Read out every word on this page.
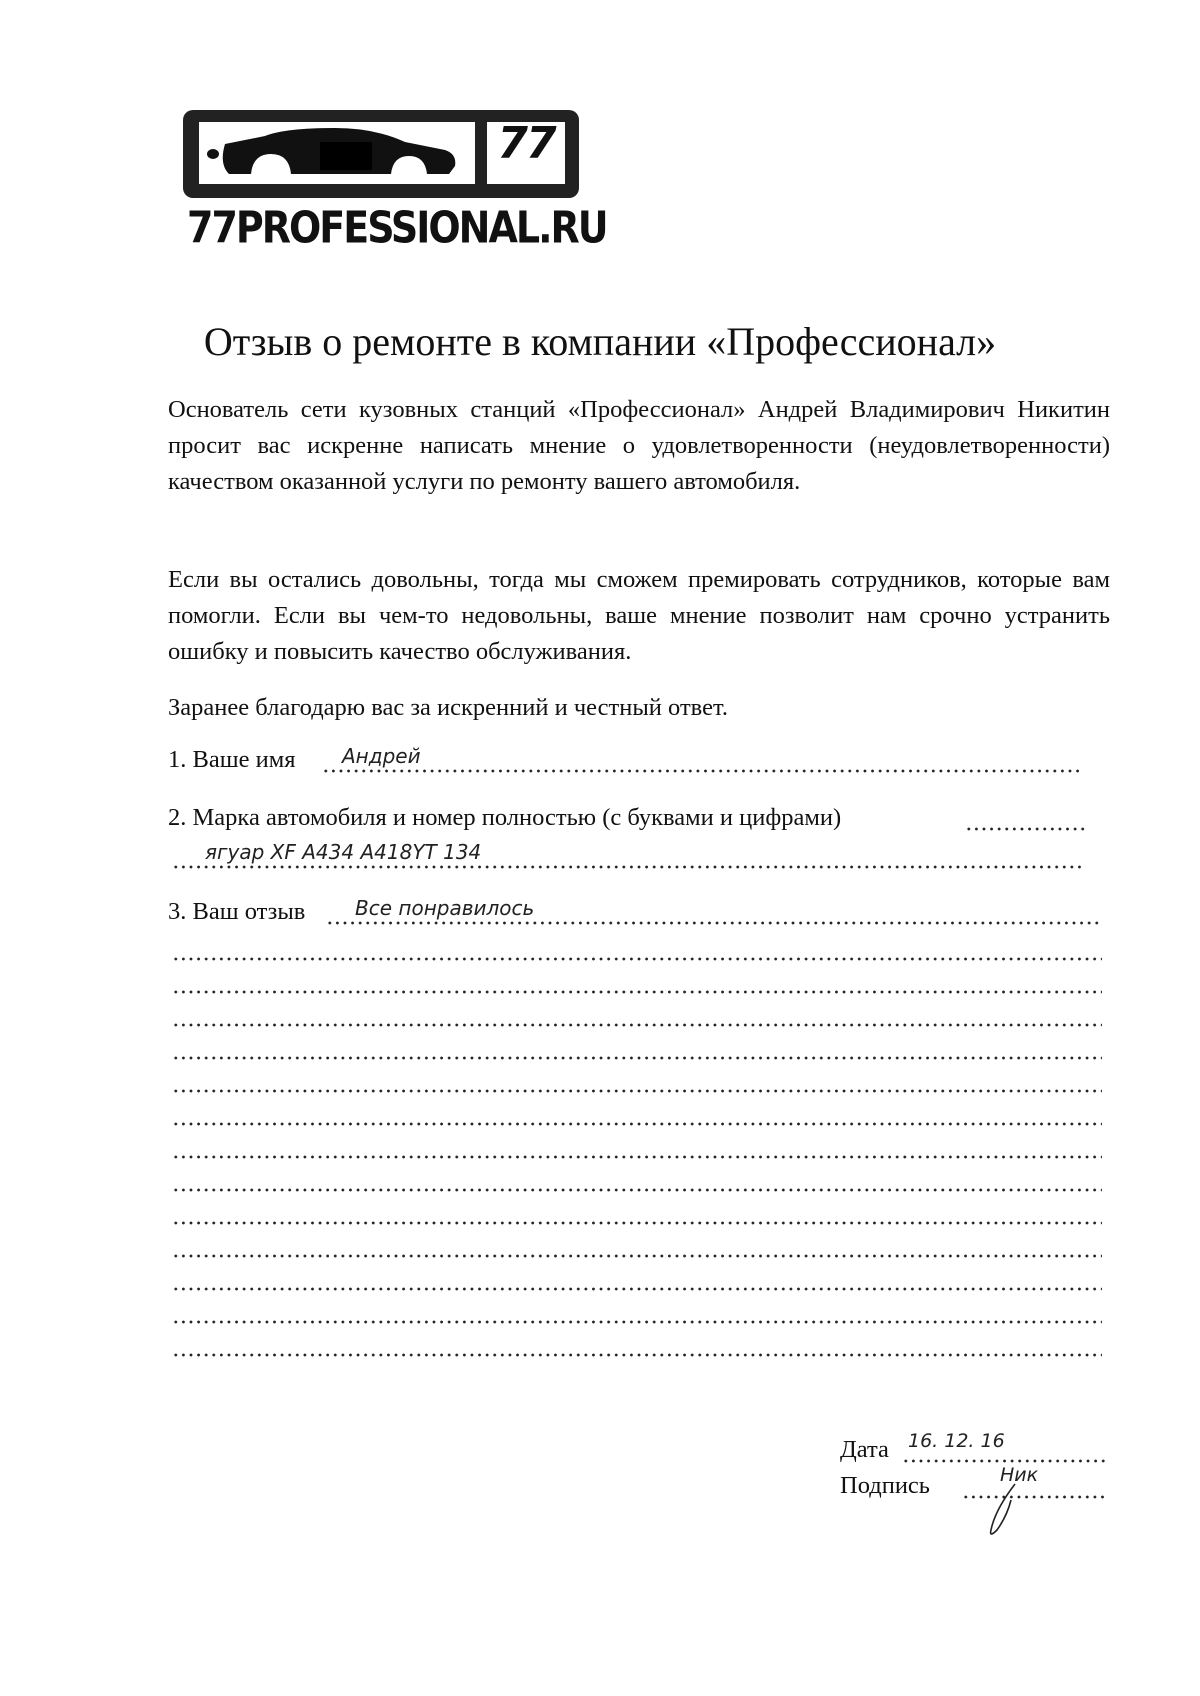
77
77PROFESSIONAL.RU
Отзыв о ремонте в компании «Профессионал»
Основатель сети кузовных станций «Профессионал» Андрей Владимирович Никитин просит вас искренне написать мнение о удовлетворенности (неудовлетворенности) качеством оказанной услуги по ремонту вашего автомобиля.
Если вы остались довольны, тогда мы сможем премировать сотрудников, которые вам помогли. Если вы чем-то недовольны, ваше мнение позволит нам срочно устранить ошибку и повысить качество обслуживания.
Заранее благодарю вас за искренний и честный ответ.
1. Ваше имя Андрей
2. Марка автомобиля и номер полностью (с буквами и цифрами)
ягуар XF A434 A418YT 134
3. Ваш отзыв Все понравилось
Дата 16. 12. 16
Подпись	Ник
